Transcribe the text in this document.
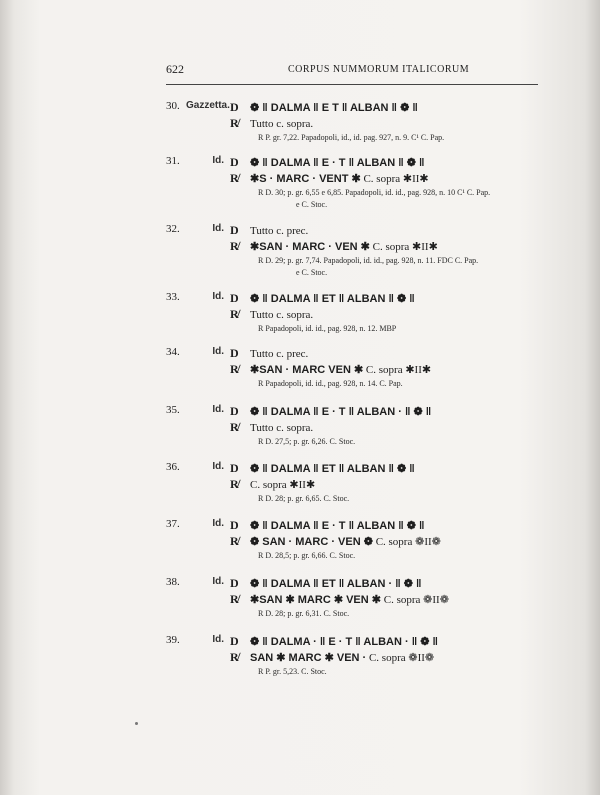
622	CORPUS NUMMORUM ITALICORUM
30. Gazzetta. D ❁ ‖ DALMA ‖ E T ‖ ALBAN ‖ ❁ ‖
R̸ Tutto c. sopra.
R P. gr. 7,22. Papadopoli, id., id. pag. 927, n. 9. C¹ C. Pap.
31.	Id. D ❁ ‖ DALMA ‖ E · T ‖ ALBAN ‖ ❁ ‖
R̸ ✱S · MARC · VENT ✱ C. sopra ✱II✱
R D. 30; p. gr. 6,55 e 6,85. Papadopoli, id. id., pag. 928, n. 10 C¹ C. Pap.
e C. Stoc.
32.	Id. D Tutto c. prec.
R̸ ✱SAN · MARC · VEN ✱ C. sopra ✱II✱
R D. 29; p. gr. 7,74. Papadopoli, id. id., pag. 928, n. 11. FDC C. Pap.
e C. Stoc.
33.	Id. D ❁ ‖ DALMA ‖ ET ‖ ALBAN ‖ ❁ ‖
R̸ Tutto c. sopra.
R Papadopoli, id. id., pag. 928, n. 12. MBP
34.	Id. D Tutto c. prec.
R̸ ✱SAN · MARC VEN ✱ C. sopra ✱II✱
R Papadopoli, id. id., pag. 928, n. 14. C. Pap.
35.	Id. D ❁ ‖ DALMA ‖ E · T ‖ ALBAN · ‖ ❁ ‖
R̸ Tutto c. sopra.
R D. 27,5; p. gr. 6,26. C. Stoc.
36.	Id. D ❁ ‖ DALMA ‖ ET ‖ ALBAN ‖ ❁ ‖
R̸ C. sopra ✱II✱
R D. 28; p. gr. 6,65. C. Stoc.
37.	Id. D ❁ ‖ DALMA ‖ E · T ‖ ALBAN ‖ ❁ ‖
R̸ ❁ SAN · MARC · VEN ❁ C. sopra ❁II❁
R D. 28,5; p. gr. 6,66. C. Stoc.
38.	Id. D ❁ ‖ DALMA ‖ ET ‖ ALBAN · ‖ ❁ ‖
R̸ ✱SAN ✱ MARC ✱ VEN ✱ C. sopra ❁II❁
R D. 28; p. gr. 6,31. C. Stoc.
39.	Id. D ❁ ‖ DALMA · ‖ E · T ‖ ALBAN · ‖ ❁ ‖
R̸ SAN ✱ MARC ✱ VEN · C. sopra ❁II❁
R P. gr. 5,23. C. Stoc.
